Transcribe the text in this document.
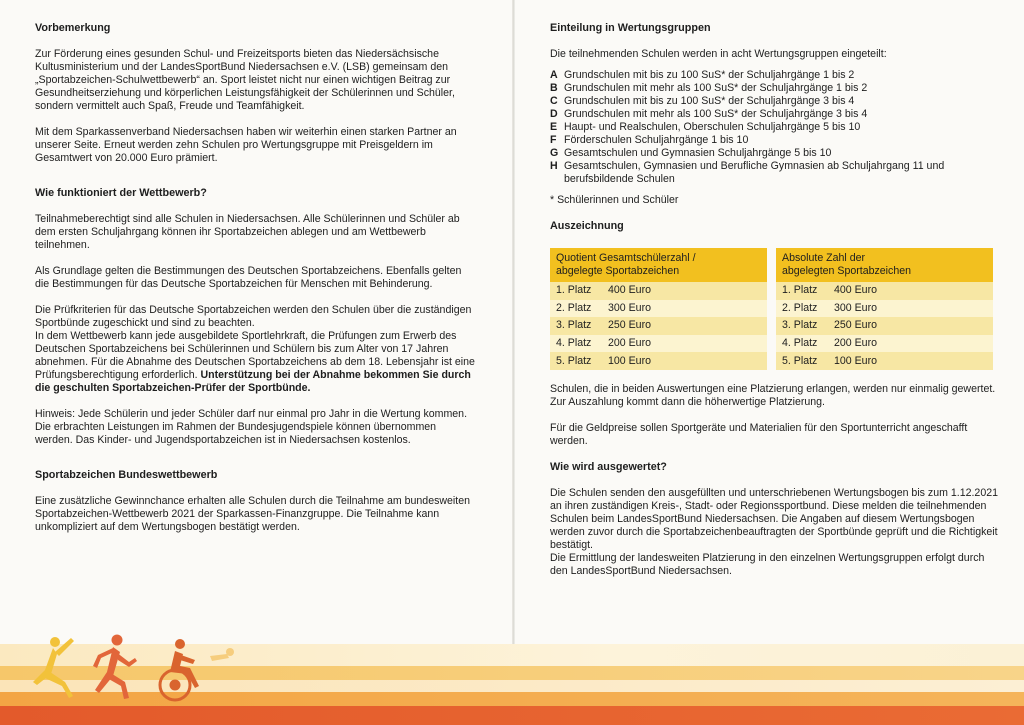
Vorbemerkung

Zur Förderung eines gesunden Schul- und Freizeitsports bieten das Niedersächsische Kultusministerium und der LandesSportBund Niedersachsen e.V. (LSB) gemeinsam den „Sportabzeichen-Schulwettbewerb“ an. Sport leistet nicht nur einen wichtigen Beitrag zur Gesundheitserziehung und körperlichen Leistungsfähigkeit der Schülerinnen und Schüler, sondern vermittelt auch Spaß, Freude und Teamfähigkeit.

Mit dem Sparkassenverband Niedersachsen haben wir weiterhin einen starken Partner an unserer Seite. Erneut werden zehn Schulen pro Wertungsgruppe mit Preisgeldern im Gesamtwert von 20.000 Euro prämiert.

Wie funktioniert der Wettbewerb?

Teilnahmeberechtigt sind alle Schulen in Niedersachsen. Alle Schülerinnen und Schüler ab dem ersten Schuljahrgang können ihr Sportabzeichen ablegen und am Wettbewerb teilnehmen.

Als Grundlage gelten die Bestimmungen des Deutschen Sportabzeichens. Ebenfalls gelten die Bestimmungen für das Deutsche Sportabzeichen für Menschen mit Behinderung.

Die Prüfkriterien für das Deutsche Sportabzeichen werden den Schulen über die zuständigen Sportbünde zugeschickt und sind zu beachten.

In dem Wettbewerb kann jede ausgebildete Sportlehrkraft, die Prüfungen zum Erwerb des Deutschen Sportabzeichens bei Schülerinnen und Schülern bis zum Alter von 17 Jahren abnehmen. Für die Abnahme des Deutschen Sportabzeichens ab dem 18. Lebensjahr ist eine Prüfungsberechtigung erforderlich. Unterstützung bei der Abnahme bekommen Sie durch die geschulten Sportabzeichen-Prüfer der Sportbünde.

Hinweis: Jede Schülerin und jeder Schüler darf nur einmal pro Jahr in die Wertung kommen. Die erbrachten Leistungen im Rahmen der Bundesjugendspiele können übernommen werden. Das Kinder- und Jugendsportabzeichen ist in Niedersachsen kostenlos.

Sportabzeichen Bundeswettbewerb

Eine zusätzliche Gewinnchance erhalten alle Schulen durch die Teilnahme am bundesweiten Sportabzeichen-Wettbewerb 2021 der Sparkassen-Finanzgruppe. Die Teilnahme kann unkompliziert auf dem Wertungsbogen bestätigt werden.

Einteilung in Wertungsgruppen

Die teilnehmenden Schulen werden in acht Wertungsgruppen eingeteilt:

A Grundschulen mit bis zu 100 SuS* der Schuljahrgänge 1 bis 2
B Grundschulen mit mehr als 100 SuS* der Schuljahrgänge 1 bis 2
C Grundschulen mit bis zu 100 SuS* der Schuljahrgänge 3 bis 4
D Grundschulen mit mehr als 100 SuS* der Schuljahrgänge 3 bis 4
E Haupt- und Realschulen, Oberschulen Schuljahrgänge 5 bis 10
F Förderschulen Schuljahrgänge 1 bis 10
G Gesamtschulen und Gymnasien Schuljahrgänge 5 bis 10
H Gesamtschulen, Gymnasien und Berufliche Gymnasien ab Schuljahrgang 11 und berufsbildende Schulen

* Schülerinnen und Schüler

Auszeichnung
Quotient Gesamtschülerzahl /
abgelegte Sportabzeichen
1. Platz	400 Euro
2. Platz	300 Euro
3. Platz	250 Euro
4. Platz	200 Euro
5. Platz	100 Euro
Absolute Zahl der
abgelegten Sportabzeichen
1. Platz	400 Euro
2. Platz	300 Euro
3. Platz	250 Euro
4. Platz	200 Euro
5. Platz	100 Euro

Schulen, die in beiden Auswertungen eine Platzierung erlangen, werden nur einmalig gewertet. Zur Auszahlung kommt dann die höherwertige Platzierung.

Für die Geldpreise sollen Sportgeräte und Materialien für den Sportunterricht angeschafft werden.

Wie wird ausgewertet?

Die Schulen senden den ausgefüllten und unterschriebenen Wertungsbogen bis zum 1.12.2021 an ihren zuständigen Kreis-, Stadt- oder Regionssportbund. Diese melden die teilnehmenden Schulen beim LandesSportBund Niedersachsen. Die Angaben auf diesem Wertungsbogen werden zuvor durch die Sportabzeichenbeauftragten der Sportbünde geprüft und die Richtigkeit bestätigt.

Die Ermittlung der landesweiten Platzierung in den einzelnen Wertungsgruppen erfolgt durch den LandesSportBund Niedersachsen.
